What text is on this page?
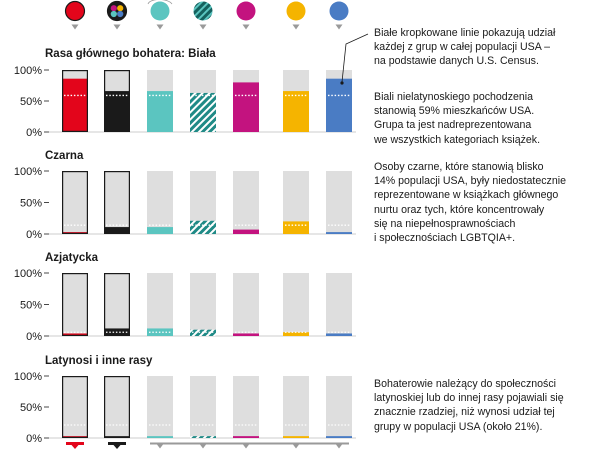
Rasa głównego bohatera: Biała
100%
50%
0%
Czarna
100%
50%
0%
Azjatycka
100%
50%
0%
Latynosi i inne rasy
100%
50%
0%

Białe kropkowane linie pokazują udział
każdej z grup w całej populacji USA –
na podstawie danych U.S. Census.

Biali nielatynoskiego pochodzenia
stanowią 59% mieszkańców USA.
Grupa ta jest nadreprezentowana
we wszystkich kategoriach książek.

Osoby czarne, które stanowią blisko
14% populacji USA, były niedostatecznie
reprezentowane w książkach głównego
nurtu oraz tych, które koncentrowały
się na niepełnosprawnościach
i społecznościach LGBTQIA+.

Bohaterowie należący do społeczności
latynoskiej lub do innej rasy pojawiali się
znacznie rzadziej, niż wynosi udział tej
grupy w populacji USA (około 21%).
